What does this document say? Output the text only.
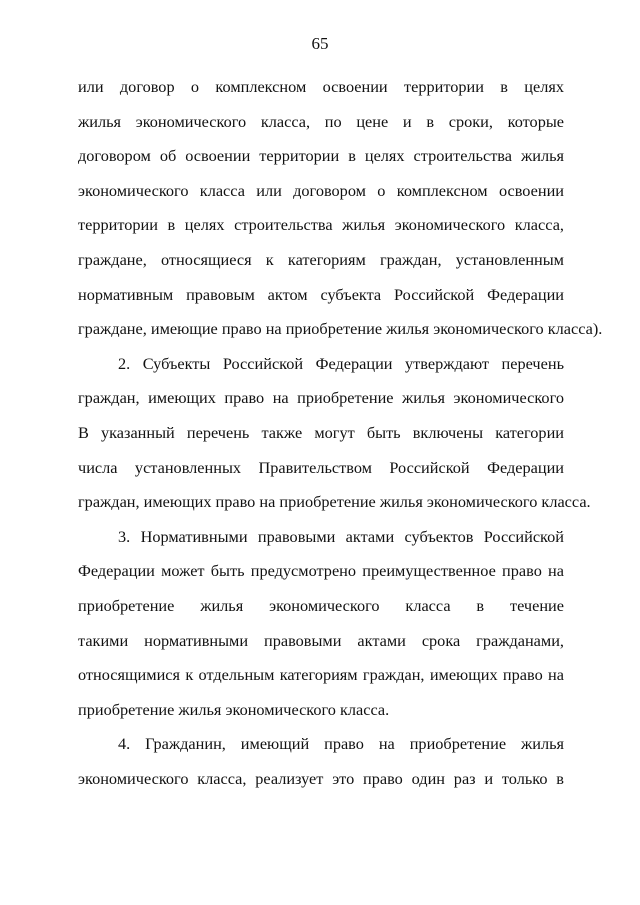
65
или договор о комплексном освоении территории в целях
жилья экономического класса, по цене и в сроки, которые
договором об освоении территории в целях строительства жилья
экономического класса или договором о комплексном освоении
территории в целях строительства жилья экономического класса,
граждане, относящиеся к категориям граждан, установленным
нормативным правовым актом субъекта Российской Федерации
граждане, имеющие право на приобретение жилья экономического класса).
2. Субъекты Российской Федерации утверждают перечень
граждан, имеющих право на приобретение жилья экономического
В указанный перечень также могут быть включены категории
числа установленных Правительством Российской Федерации
граждан, имеющих право на приобретение жилья экономического класса.
3. Нормативными правовыми актами субъектов Российской
Федерации может быть предусмотрено преимущественное право на
приобретение жилья экономического класса в течение
такими нормативными правовыми актами срока гражданами,
относящимися к отдельным категориям граждан, имеющих право на
приобретение жилья экономического класса.
4. Гражданин, имеющий право на приобретение жилья
экономического класса, реализует это право один раз и только в
